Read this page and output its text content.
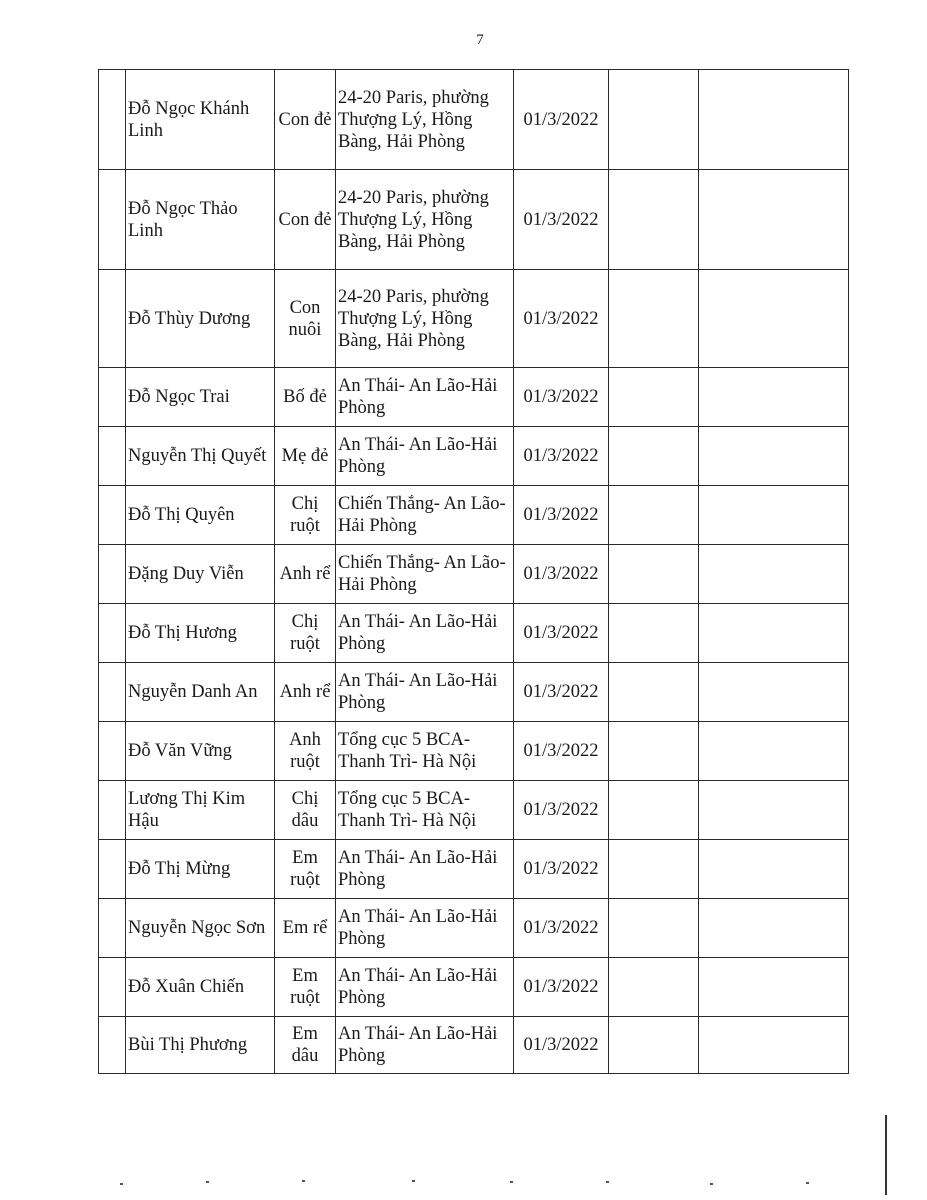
7
	Đỗ Ngọc Khánh Linh	Con đẻ	24-20 Paris, phường Thượng Lý, Hồng Bàng, Hải Phòng	01/3/2022		
	Đỗ Ngọc Thảo Linh	Con đẻ	24-20 Paris, phường Thượng Lý, Hồng Bàng, Hải Phòng	01/3/2022		
	Đỗ Thùy Dương	Con nuôi	24-20 Paris, phường Thượng Lý, Hồng Bàng, Hải Phòng	01/3/2022		
	Đỗ Ngọc Trai	Bố đẻ	An Thái- An Lão-Hải Phòng	01/3/2022		
	Nguyễn Thị Quyết	Mẹ đẻ	An Thái- An Lão-Hải Phòng	01/3/2022		
	Đỗ Thị Quyên	Chị ruột	Chiến Thắng- An Lão- Hải Phòng	01/3/2022		
	Đặng Duy Viễn	Anh rể	Chiến Thắng- An Lão- Hải Phòng	01/3/2022		
	Đỗ Thị Hương	Chị ruột	An Thái- An Lão-Hải Phòng	01/3/2022		
	Nguyễn Danh An	Anh rể	An Thái- An Lão-Hải Phòng	01/3/2022		
	Đỗ Văn Vững	Anh ruột	Tổng cục 5 BCA-Thanh Trì- Hà Nội	01/3/2022		
	Lương Thị Kim Hậu	Chị dâu	Tổng cục 5 BCA-Thanh Trì- Hà Nội	01/3/2022		
	Đỗ Thị Mừng	Em ruột	An Thái- An Lão-Hải Phòng	01/3/2022		
	Nguyễn Ngọc Sơn	Em rể	An Thái- An Lão-Hải Phòng	01/3/2022		
	Đỗ Xuân Chiến	Em ruột	An Thái- An Lão-Hải Phòng	01/3/2022		
	Bùi Thị Phương	Em dâu	An Thái- An Lão-Hải Phòng	01/3/2022		
